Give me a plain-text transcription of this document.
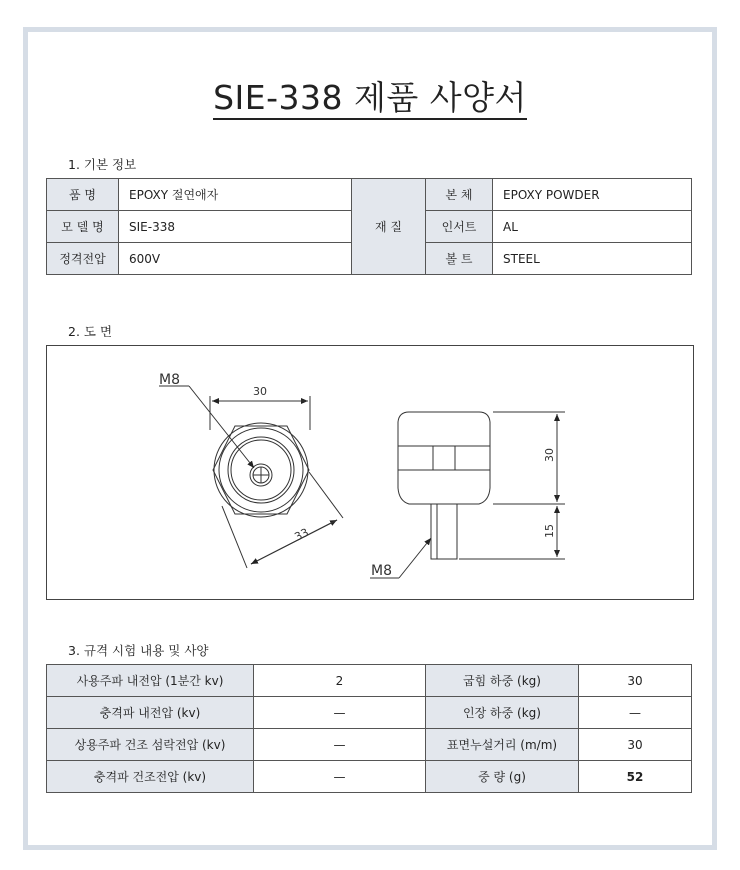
SIE-338 제품 사양서
1. 기본 정보
품 명	EPOXY 절연애자	재 질	본 체	EPOXY POWDER
모 델 명	SIE-338		인서트	AL
정격전압	600V		볼 트	STEEL
2. 도 면
30
M8
33
30
15
M8
3. 규격 시험 내용 및 사양
사용주파 내전압 (1분간 kv)	2	굽힘 하중 (kg)	30
충격파 내전압 (kv)	—	인장 하중 (kg)	—
상용주파 건조 섬락전압 (kv)	—	표면누설거리 (m/m)	30
충격파 건조전압 (kv)	—	중 량 (g)	52
